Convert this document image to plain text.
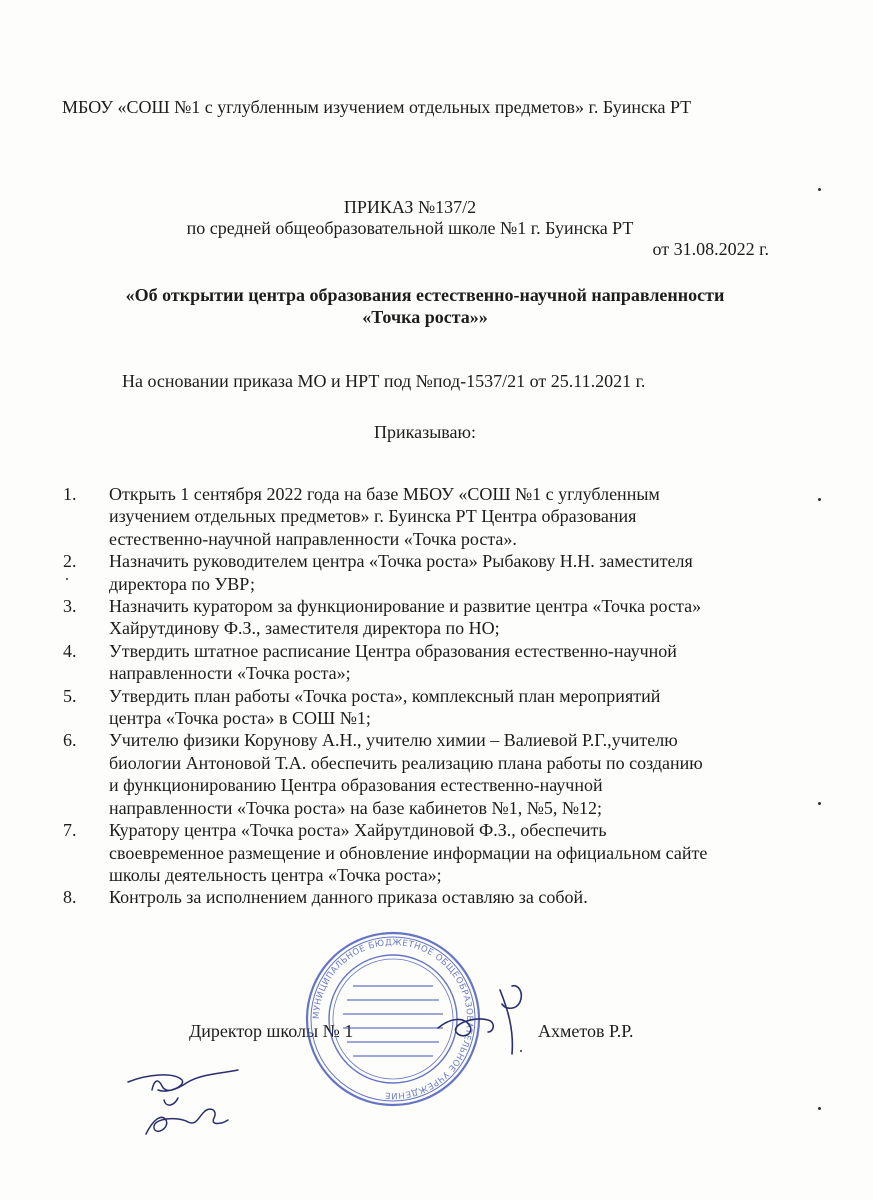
МБОУ «СОШ №1 с углубленным изучением отдельных предметов» г. Буинска РТ
ПРИКАЗ №137/2
по средней общеобразовательной школе №1 г. Буинска РТ
от 31.08.2022 г.
«Об открытии центра образования естественно-научной направленности
«Точка роста»»
На основании приказа МО и НРТ под №под-1537/21 от 25.11.2021 г.
Приказываю:
1.	Открыть 1 сентября 2022 года на базе МБОУ «СОШ №1 с углубленным
изучением отдельных предметов» г. Буинска РТ Центра образования
естественно-научной направленности «Точка роста».
2.	Назначить руководителем центра «Точка роста» Рыбакову Н.Н. заместителя
директора по УВР;
3.	Назначить куратором за функционирование и развитие центра «Точка роста»
Хайрутдинову Ф.З., заместителя директора по НО;
4.	Утвердить штатное расписание Центра образования естественно-научной
направленности «Точка роста»;
5.	Утвердить план работы «Точка роста», комплексный план мероприятий
центра «Точка роста» в СОШ №1;
6.	Учителю физики Корунову А.Н., учителю химии – Валиевой Р.Г.,учителю
биологии Антоновой Т.А. обеспечить реализацию плана работы по созданию
и функционированию Центра образования естественно-научной
направленности «Точка роста» на базе кабинетов №1, №5, №12;
7.	Куратору центра «Точка роста» Хайрутдиновой Ф.З., обеспечить
своевременное размещение и обновление информации на официальном сайте
школы деятельность центра «Точка роста»;
8.	Контроль за исполнением данного приказа оставляю за собой.
Директор школы № 1	Ахметов Р.Р.
МУНИЦИПАЛЬНОЕ БЮДЖЕТНОЕ ОБЩЕОБРАЗОВАТЕЛЬНОЕ УЧРЕЖДЕНИЕ
